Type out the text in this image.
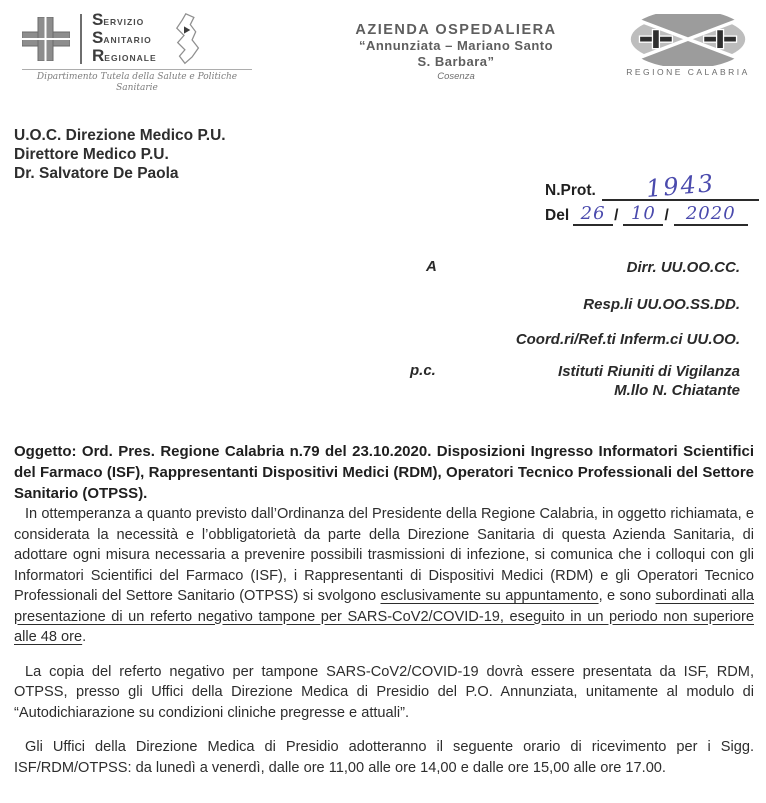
SERVIZIO
SANITARIO
REGIONALE
Dipartimento Tutela della Salute e Politiche Sanitarie
AZIENDA OSPEDALIERA
“Annunziata – Mariano Santo
S. Barbara”
Cosenza	REGIONE CALABRIA
U.O.C. Direzione Medico P.U.
Direttore Medico P.U.
Dr. Salvatore De Paola
N.Prot.	1943
Del 26 / 10 / 2020
A	Dirr. UU.OO.CC.
Resp.li UU.OO.SS.DD.
Coord.ri/Ref.ti Inferm.ci UU.OO.
p.c.	Istituti Riuniti di Vigilanza
M.llo N. Chiatante
Oggetto: Ord. Pres. Regione Calabria n.79 del 23.10.2020. Disposizioni Ingresso Informatori Scientifici del Farmaco (ISF), Rappresentanti Dispositivi Medici (RDM), Operatori Tecnico Professionali del Settore Sanitario (OTPSS).

In ottemperanza a quanto previsto dall’Ordinanza del Presidente della Regione Calabria, in oggetto richiamata, e considerata la necessità e l’obbligatorietà da parte della Direzione Sanitaria di questa Azienda Sanitaria, di adottare ogni misura necessaria a prevenire possibili trasmissioni di infezione, si comunica che i colloqui con gli Informatori Scientifici del Farmaco (ISF), i Rappresentanti di Dispositivi Medici (RDM) e gli Operatori Tecnico Professionali del Settore Sanitario (OTPSS) si svolgono esclusivamente su appuntamento, e sono subordinati alla presentazione di un referto negativo tampone per SARS-CoV2/COVID-19, eseguito in un periodo non superiore alle 48 ore.

La copia del referto negativo per tampone SARS-CoV2/COVID-19 dovrà essere presentata da ISF, RDM, OTPSS, presso gli Uffici della Direzione Medica di Presidio del P.O. Annunziata, unitamente al modulo di “Autodichiarazione su condizioni cliniche pregresse e attuali”.

Gli Uffici della Direzione Medica di Presidio adotteranno il seguente orario di ricevimento per i Sigg. ISF/RDM/OTPSS: da lunedì a venerdì, dalle ore 11,00 alle ore 14,00 e dalle ore 15,00 alle ore 17.00.
